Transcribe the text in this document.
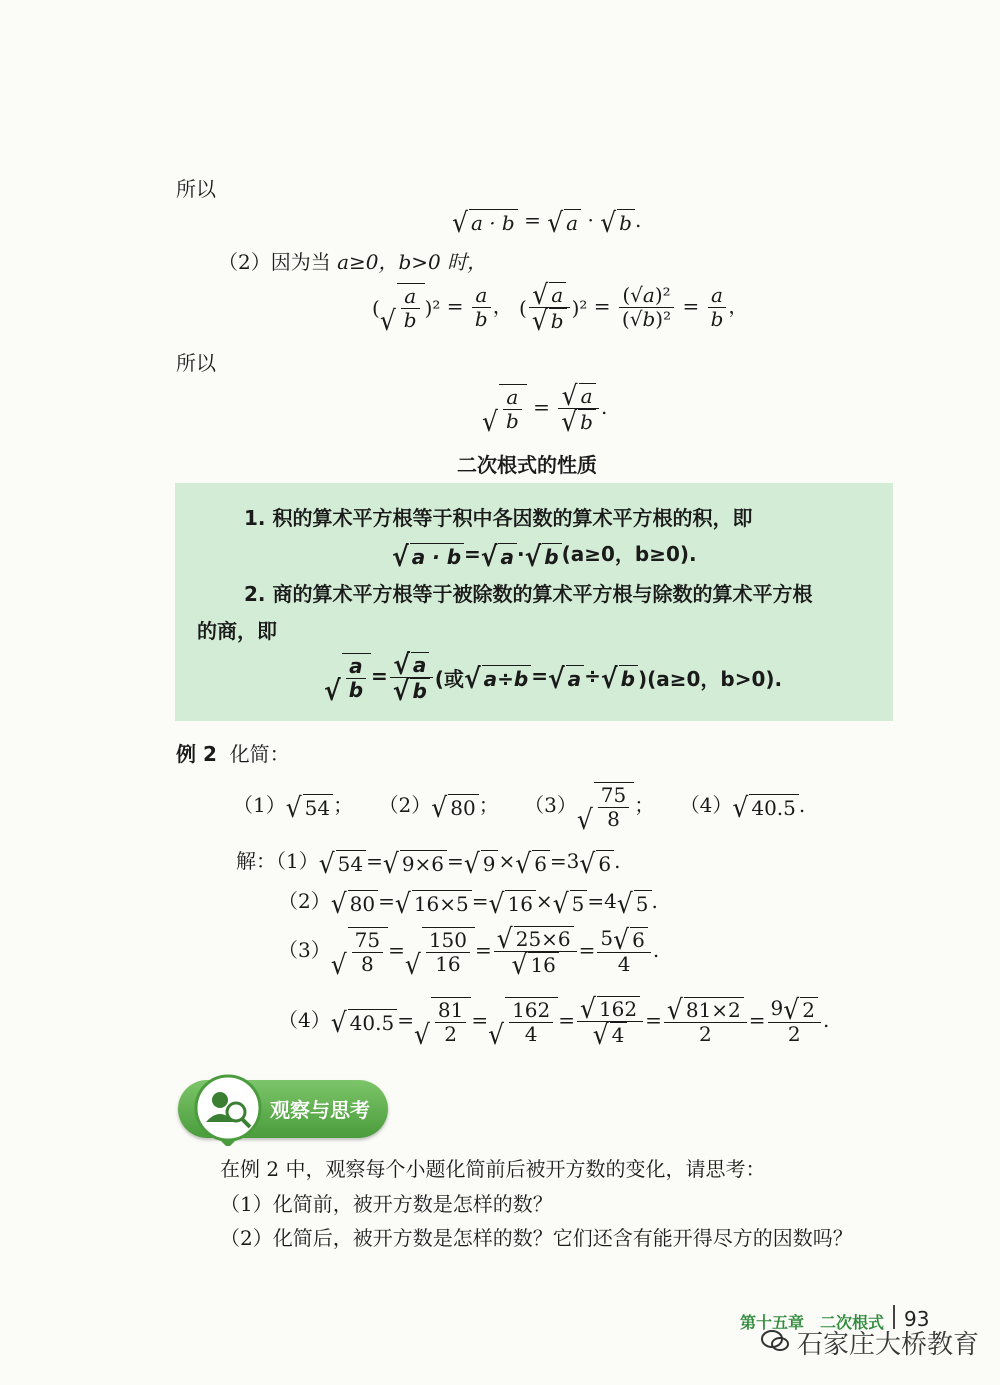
所以
√ a · b = √ a · √ b .
（2）因为当 a≥0，b>0 时，
( √ $\frac{a}{b} )^2 = \frac{a}{b}$ ， ( $\frac{√ a}{√ b} )^2 = \frac{\text{(√a)²}}{\text{(√b)²}} = \frac{a}{b}$ ，
所以
√ $\frac{a}{b} = \frac{√ a}{√ b}$ .
二次根式的性质
1. 积的算术平方根等于积中各因数的算术平方根的积，即
√ a · b = √ a · √ b (a≥0，b≥0).
2. 商的算术平方根等于被除数的算术平方根与除数的算术平方根
的商，即
√ $\frac{a}{b} = \frac{√ a}{√ b}$ (或 √ a÷b = √ a ÷ √ b )(a≥0，b>0).
例 2 化简：
（1） √ 54 ；    （2） √ 80 ；    （3） √ $\frac{75}{8}$ ；    （4） √ 40.5 .
解：（1） √ 54 = √ 9×6 = √ 9 × √ 6 =3 √ 6 .
（2） √ 80 = √ 16×5 = √ 16 × √ 5 =4 √ 5 .
（3） √ $\frac{75}{8}$ = √ $\frac{150}{16} = \frac{√ 25\times 6}{√ 16} = \frac{5 √ 6}{4}$ .
（4） √ 40.5 = √ $\frac{81}{2}$ = √ $\frac{162}{4} = \frac{√ 162}{√ 4} = \frac{√ 81\times 2}{2} = \frac{9 √ 2}{2}$ .
观察与思考
在例 2 中，观察每个小题化简前后被开方数的变化，请思考：
（1）化简前，被开方数是怎样的数？
（2）化简后，被开方数是怎样的数？它们还含有能开得尽方的因数吗？
第十五章　二次根式 93
石家庄大桥教育
